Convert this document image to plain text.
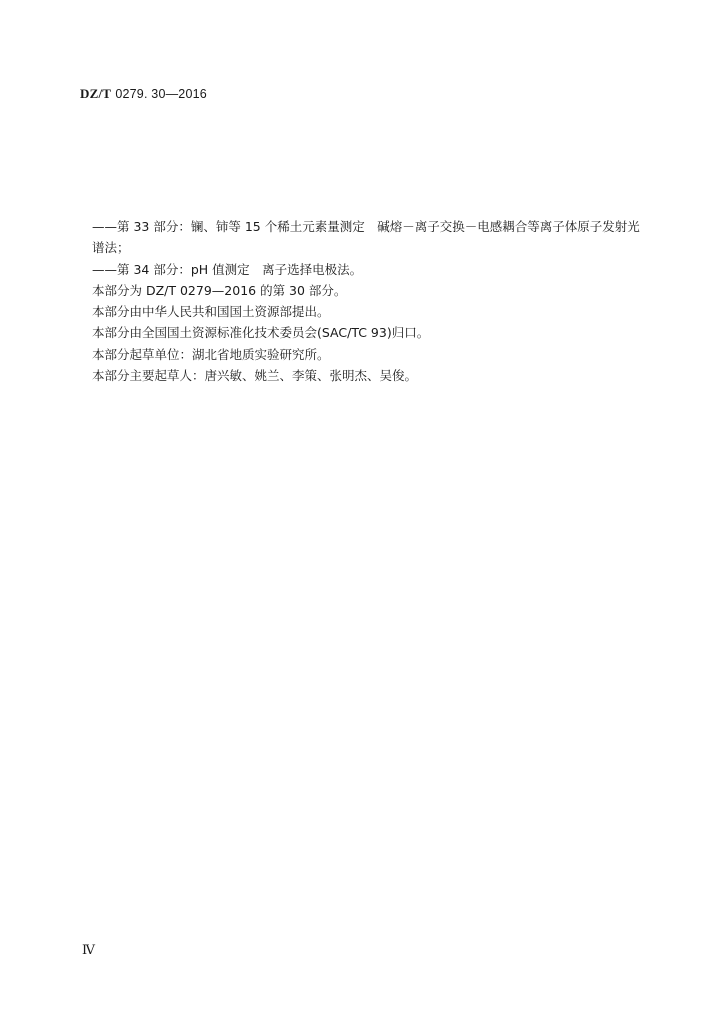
DZ/T 0279. 30—2016

——第 33 部分：镧、铈等 15 个稀土元素量测定　碱熔－离子交换－电感耦合等离子体原子发射光谱法；

——第 34 部分：pH 值测定　离子选择电极法。

本部分为 DZ/T 0279—2016 的第 30 部分。

本部分由中华人民共和国国土资源部提出。

本部分由全国国土资源标准化技术委员会(SAC/TC 93)归口。

本部分起草单位：湖北省地质实验研究所。

本部分主要起草人：唐兴敏、姚兰、李策、张明杰、吴俊。

Ⅳ
